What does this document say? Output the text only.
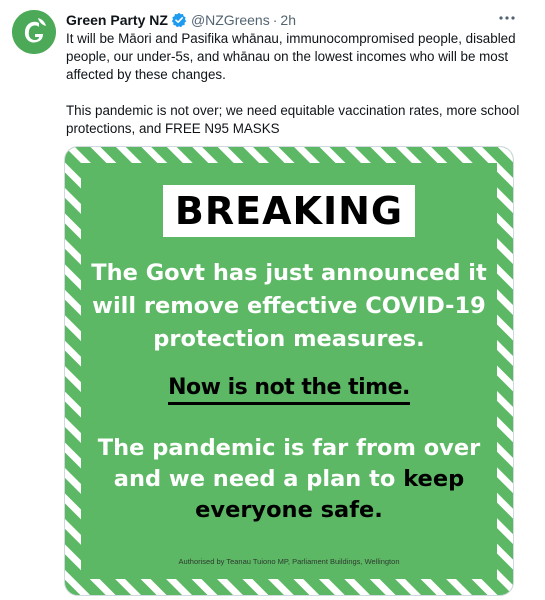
Green Party NZ @NZGreens · 2h

It will be Māori and Pasifika whānau, immunocompromised people, disabled people, our under-5s, and whānau on the lowest incomes who will be most affected by these changes.

This pandemic is not over; we need equitable vaccination rates, more school protections, and FREE N95 MASKS

BREAKING
The Govt has just announced it will remove effective COVID-19 protection measures.
Now is not the time.
The pandemic is far from over and we need a plan to keep everyone safe.
Authorised by Teanau Tuiono MP, Parliament Buildings, Wellington
